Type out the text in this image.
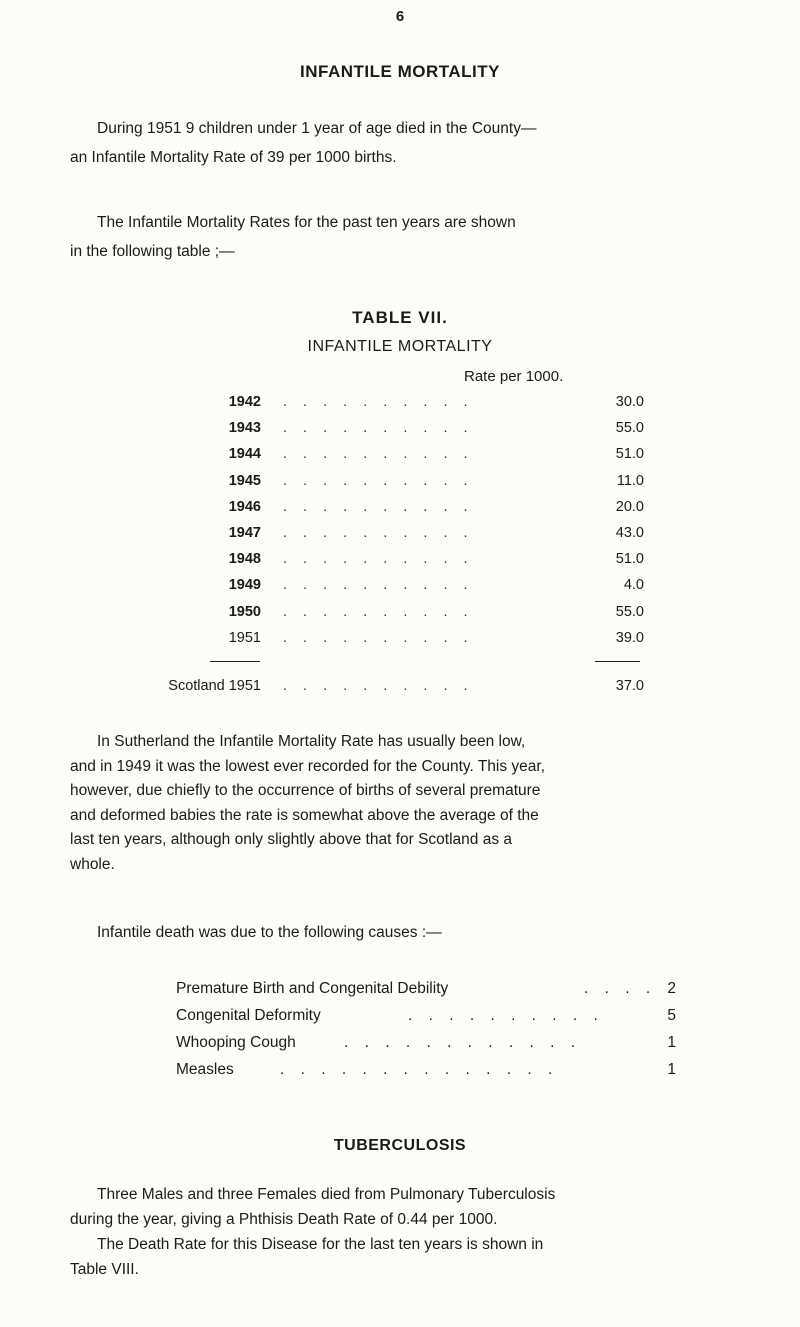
6
INFANTILE MORTALITY
During 1951 9 children under 1 year of age died in the County—
an Infantile Mortality Rate of 39 per 1000 births.
The Infantile Mortality Rates for the past ten years are shown
in the following table ;—
TABLE VII.
INFANTILE MORTALITY
Rate per 1000.
1942 . . . . . . . . . .	30.0
1943 . . . . . . . . . .	55.0
1944 . . . . . . . . . .	51.0
1945 . . . . . . . . . .	11.0
1946 . . . . . . . . . .	20.0
1947 . . . . . . . . . .	43.0
1948 . . . . . . . . . .	51.0
1949 . . . . . . . . . .	4.0
1950 . . . . . . . . . .	55.0
1951 . . . . . . . . . .	39.0
Scotland 1951 . . . . . . . . . .	37.0
In Sutherland the Infantile Mortality Rate has usually been low,
and in 1949 it was the lowest ever recorded for the County. This year,
however, due chiefly to the occurrence of births of several premature
and deformed babies the rate is somewhat above the average of the
last ten years, although only slightly above that for Scotland as a
whole.
Infantile death was due to the following causes :—
Premature Birth and Congenital Debility	. . . . 2
Congenital Deformity	. . . . . . . . . .	5
Whooping Cough	. . . . . . . . . . . .	1
Measles	. . . . . . . . . . . . . .	1
TUBERCULOSIS
Three Males and three Females died from Pulmonary Tuberculosis
during the year, giving a Phthisis Death Rate of 0.44 per 1000.
The Death Rate for this Disease for the last ten years is shown in
Table VIII.
